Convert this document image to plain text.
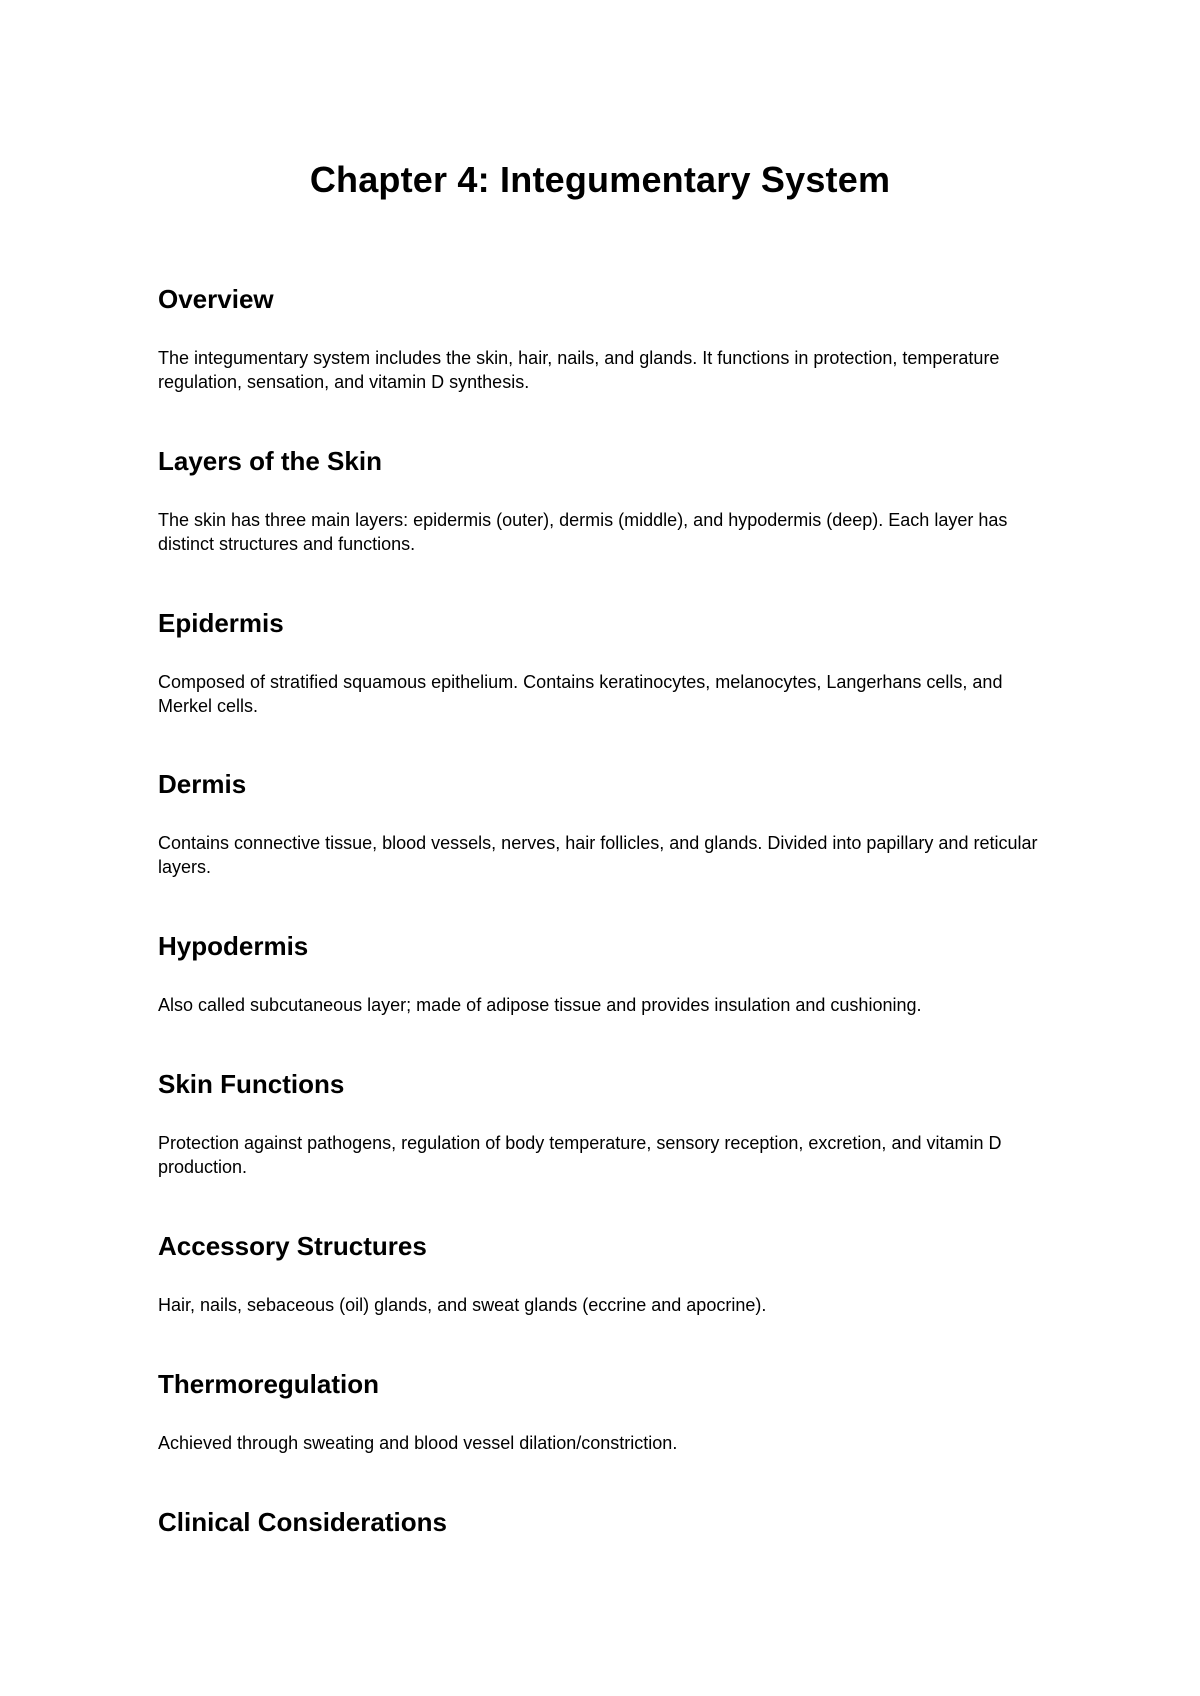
Chapter 4: Integumentary System
Overview

The integumentary system includes the skin, hair, nails, and glands. It functions in protection, temperature regulation, sensation, and vitamin D synthesis.

Layers of the Skin

The skin has three main layers: epidermis (outer), dermis (middle), and hypodermis (deep). Each layer has distinct structures and functions.

Epidermis

Composed of stratified squamous epithelium. Contains keratinocytes, melanocytes, Langerhans cells, and Merkel cells.

Dermis

Contains connective tissue, blood vessels, nerves, hair follicles, and glands. Divided into papillary and reticular layers.

Hypodermis

Also called subcutaneous layer; made of adipose tissue and provides insulation and cushioning.

Skin Functions

Protection against pathogens, regulation of body temperature, sensory reception, excretion, and vitamin D production.

Accessory Structures

Hair, nails, sebaceous (oil) glands, and sweat glands (eccrine and apocrine).

Thermoregulation

Achieved through sweating and blood vessel dilation/constriction.

Clinical Considerations
